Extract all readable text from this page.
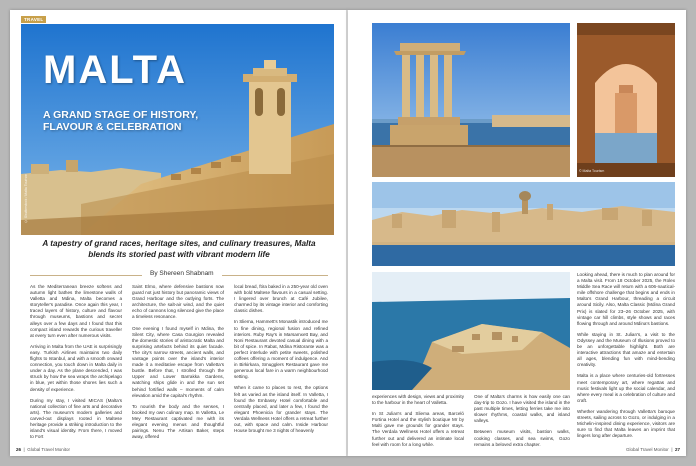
TRAVEL
© Shutterstock / Malta Tourism
MALTA
A GRAND STAGE OF HISTORY, FLAVOUR & CELEBRATION
A tapestry of grand races, heritage sites, and culinary treasures, Malta blends its storied past with vibrant modern life
By Shereen Shabnam

As the Mediterranean breeze softens and autumn light bathes the limestone walls of Valletta and Mdina, Malta becomes a storyteller's paradise. Once again this year, I traced layers of history, culture and flavour through museums, bastions and secret alleys over a few days and I found that this compact island rewards the curious traveller at every turn even after numerous visits.

Arriving in Malta from the UAE is surprisingly easy. Turkish Airlines maintains two daily flights to Istanbul, and with a smooth onward connection, you touch down in Malta daily in under a day. As the plane descended, I was struck by how the sea wraps the archipelago in blue, yet within those shores lies such a density of experience.

During my stay, I visited MICAS (Malta's national collection of fine arts and decorative arts). The museum's modern galleries and carved-out displays rooted in Maltese heritage provide a striking introduction to the island's visual identity. From there, I moved to Fort

Saint Elmo, where defensive bastions now guard not just history but panoramic views of Grand Harbour and the outlying forts. The architecture, the salt-air wind, and the quiet echo of cannons long silenced give the place a timeless resonance.

One evening I found myself in Mdina, the Silent City, where Casa Gourgion revealed the domestic stories of aristocratic Malta and surprising artefacts behind its quiet facade. The city's narrow streets, ancient walls, and vantage points over the island's interior made it a meditative escape from Valletta's bustle. Before that, I strolled through the Upper and Lower Barrakka Gardens, watching ships glide in and the sun set behind fortified walls – moments of calm elevation amid the capital's rhythm.

To nourish the body and the senses, I booked my own culinary map. In Valletta, Le Mey Restaurant captivated me with its elegant evening menus and thoughtful pairings. Nenu The Artisan Baker, steps away, offered

local bread, ftira baked in a 250-year old oven with bold Maltese flavours in a casual setting. I lingered over brunch at Café Jubilee, charmed by its vintage interior and comforting classic dishes.

In Sliema, Hammett's Monastik introduced me to fine dining, regional fusion and refined interiors. Ruby Ray's in Marsamxett Bay, and Noni Restaurant devoted casual dining with a bit of spice. In Rabat, Mdina Ristorante was a perfect interlude with petite sweets, polished coffees offering a moment of indulgence. And in Birkirkara, Smugglers Restaurant gave me generous local fare in a warm neighbourhood setting.

When it came to places to rest, the options felt as varied as the island itself. In Valletta, I found the Embassy Hotel comfortable and centrally placed, and later a few, I found the elegant Phoenicia for grander stays. The Verdala Wellness Hotel offers a retreat further out, with space and calm. Inside Harbour House brought me 3 nights of heavenly

26  |  Global Travel Monitor
© Malta Tourism

experiences with design, views and proximity to the harbour in the heart of Valletta.

In St Julian's and Sliema areas, Barceló Fortina Hotel and the stylish boutique Mr by Malti gave me grounds for grander stays. The Verdala Wellness Hotel offers a retreat further out and delivered an intimate local feel with room for a long while.

One of Malta's charms is how easily one can day-trip to Gozo. I have visited the island in the past multiple times, letting ferries take me into slower rhythms, coastal walks, and island valleys.

Between museum visits, bastion walks, cooking classes, and sea swims, Gozo remains a beloved extra chapter.

Looking ahead, there is much to plan around for a Malta visit. From 18 October 2025, the Rolex Middle Sea Race will return with a 606-nautical-mile offshore challenge that begins and ends in Malta's Grand Harbour, threading a circuit around Sicily. Also, Malta Classic (Mdina Grand Prix) is slated for 23–26 October 2025, with vintage car hill climbs, style shows and races flowing through and around Mdina's bastions.

While staying in St. Julian's, a visit to the Odyssey and the Museum of Illusions proved to be an unforgettable highlight. Both are interactive attractions that amaze and entertain all ages, blending fun with mind-bending creativity.

Malta is a place where centuries-old fortresses meet contemporary art, where regattas and music festivals light up the social calendar, and where every meal is a celebration of culture and craft.

Whether wandering through Valletta's baroque streets, sailing across to Gozo, or indulging in a Michelin-inspired dining experience, visitors are sure to find that Malta leaves an imprint that lingers long after departure.

Global Travel Monitor  |  27
